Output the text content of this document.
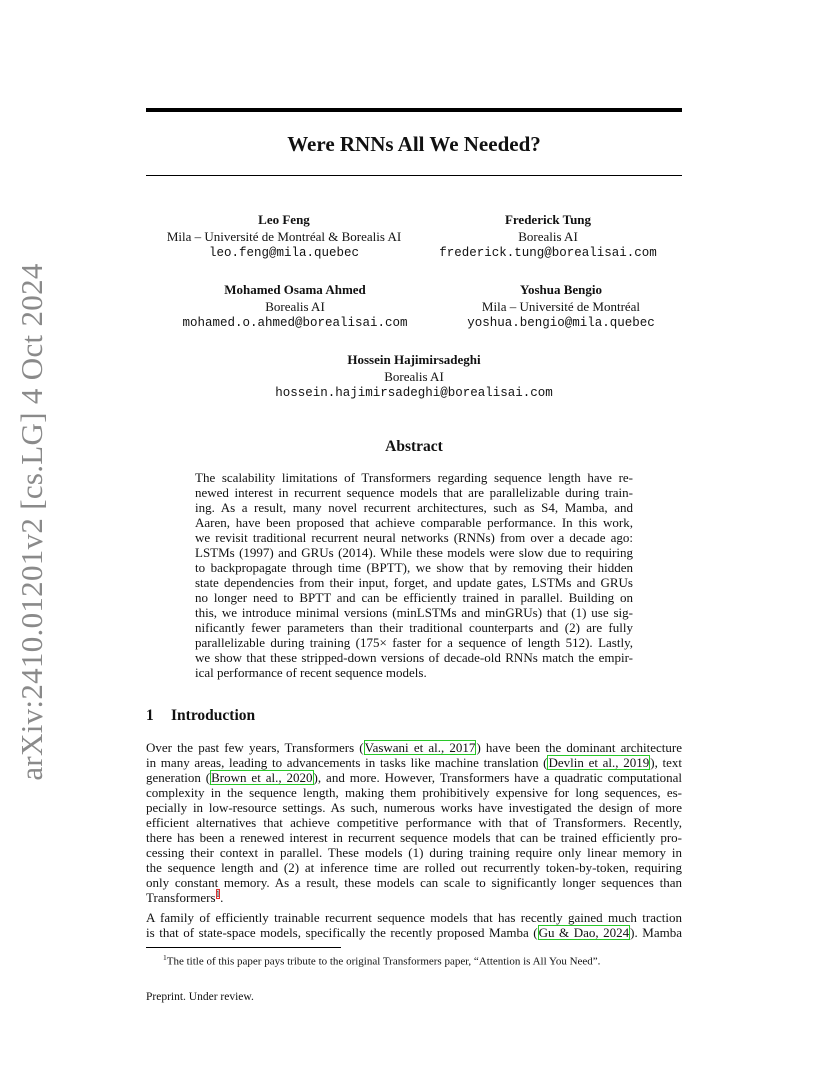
arXiv:2410.01201v2 [cs.LG] 4 Oct 2024
Were RNNs All We Needed?
Leo Feng
Mila – Université de Montréal & Borealis AI
leo.feng@mila.quebec
Frederick Tung
Borealis AI
frederick.tung@borealisai.com
Mohamed Osama Ahmed
Borealis AI
mohamed.o.ahmed@borealisai.com
Yoshua Bengio
Mila – Université de Montréal
yoshua.bengio@mila.quebec
Hossein Hajimirsadeghi
Borealis AI
hossein.hajimirsadeghi@borealisai.com
Abstract
The scalability limitations of Transformers regarding sequence length have re-
newed interest in recurrent sequence models that are parallelizable during train-
ing. As a result, many novel recurrent architectures, such as S4, Mamba, and
Aaren, have been proposed that achieve comparable performance. In this work,
we revisit traditional recurrent neural networks (RNNs) from over a decade ago:
LSTMs (1997) and GRUs (2014). While these models were slow due to requiring
to backpropagate through time (BPTT), we show that by removing their hidden
state dependencies from their input, forget, and update gates, LSTMs and GRUs
no longer need to BPTT and can be efficiently trained in parallel. Building on
this, we introduce minimal versions (minLSTMs and minGRUs) that (1) use sig-
nificantly fewer parameters than their traditional counterparts and (2) are fully
parallelizable during training (175× faster for a sequence of length 512). Lastly,
we show that these stripped-down versions of decade-old RNNs match the empir-
ical performance of recent sequence models.
1 Introduction
Over the past few years, Transformers (Vaswani et al., 2017) have been the dominant architecture
in many areas, leading to advancements in tasks like machine translation (Devlin et al., 2019), text
generation (Brown et al., 2020), and more. However, Transformers have a quadratic computational
complexity in the sequence length, making them prohibitively expensive for long sequences, es-
pecially in low-resource settings. As such, numerous works have investigated the design of more
efficient alternatives that achieve competitive performance with that of Transformers. Recently,
there has been a renewed interest in recurrent sequence models that can be trained efficiently pro-
cessing their context in parallel. These models (1) during training require only linear memory in
the sequence length and (2) at inference time are rolled out recurrently token-by-token, requiring
only constant memory. As a result, these models can scale to significantly longer sequences than
Transformers$^1$.
A family of efficiently trainable recurrent sequence models that has recently gained much traction
is that of state-space models, specifically the recently proposed Mamba (Gu & Dao, 2024). Mamba
$^1$The title of this paper pays tribute to the original Transformers paper, “Attention is All You Need”.
Preprint. Under review.
